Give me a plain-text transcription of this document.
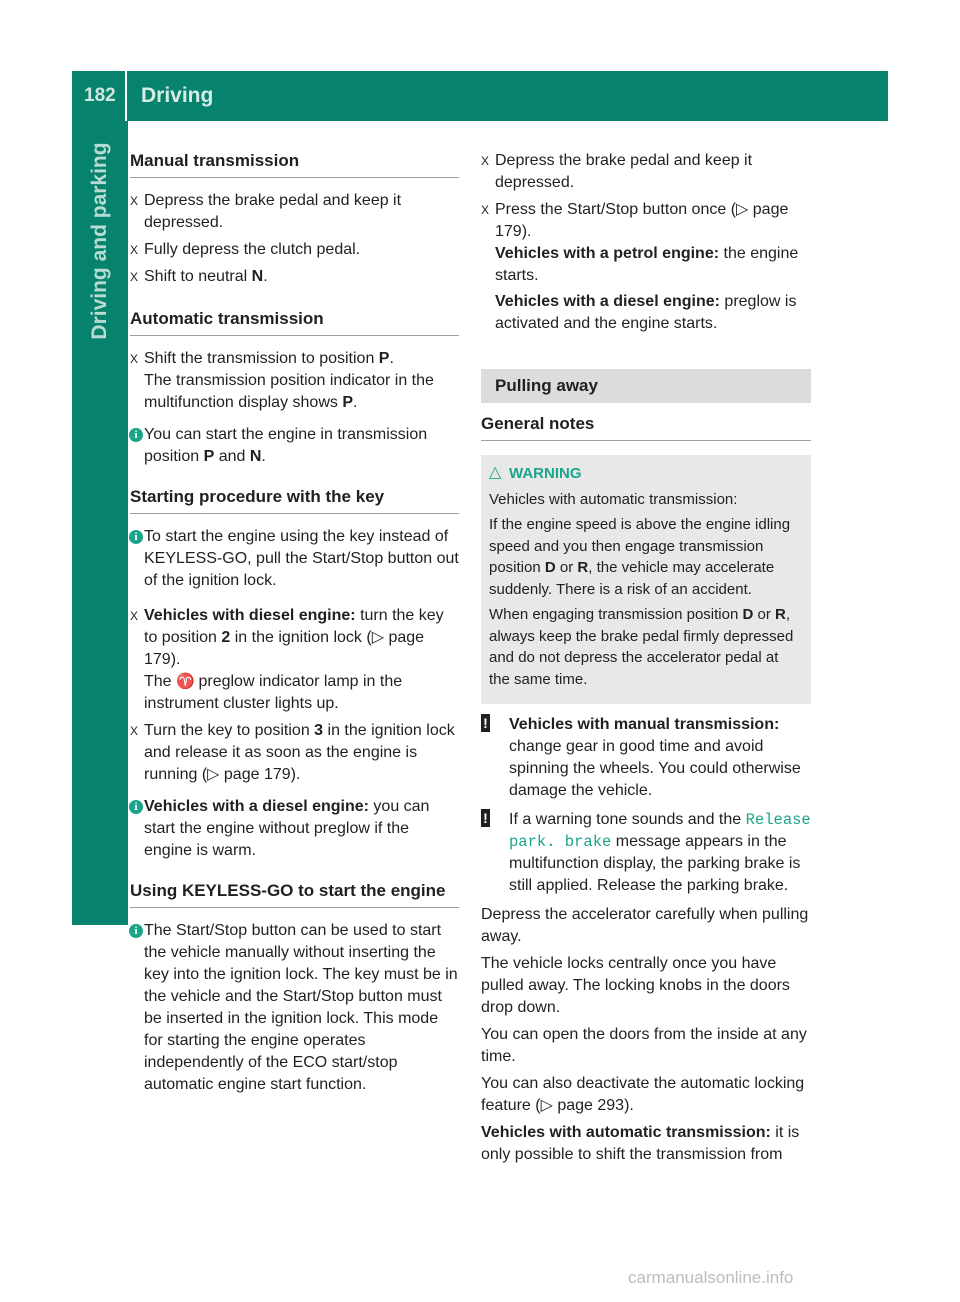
182 Driving
Driving and parking Manual transmission
X Depress the brake pedal and keep it depressed.
X Fully depress the clutch pedal.
X Shift to neutral N.
Automatic transmission
X Shift the transmission to position P.
The transmission position indicator in the multifunction display shows P.
i You can start the engine in transmission position P and N.
Starting procedure with the key
i To start the engine using the key instead of KEYLESS-GO, pull the Start/Stop button out of the ignition lock.
X Vehicles with diesel engine: turn the key to position 2 in the ignition lock (▷ page 179).
The ♈ preglow indicator lamp in the instrument cluster lights up.
X Turn the key to position 3 in the ignition lock and release it as soon as the engine is running (▷ page 179).
i Vehicles with a diesel engine: you can start the engine without preglow if the engine is warm.
Using KEYLESS-GO to start the engine
i The Start/Stop button can be used to start the vehicle manually without inserting the key into the ignition lock. The key must be in the vehicle and the Start/Stop button must be inserted in the ignition lock. This mode for starting the engine operates independently of the ECO start/stop automatic engine start function.
X Depress the brake pedal and keep it depressed.
X Press the Start/Stop button once (▷ page 179).
Vehicles with a petrol engine: the engine starts.
Vehicles with a diesel engine: preglow is activated and the engine starts.
Pulling away
General notes
△ WARNING

Vehicles with automatic transmission:

If the engine speed is above the engine idling speed and you then engage transmission position D or R, the vehicle may accelerate suddenly. There is a risk of an accident.

When engaging transmission position D or R, always keep the brake pedal firmly depressed and do not depress the accelerator pedal at the same time.

! Vehicles with manual transmission:
change gear in good time and avoid spinning the wheels. You could otherwise damage the vehicle.
! If a warning tone sounds and the Release park. brake message appears in the multifunction display, the parking brake is still applied. Release the parking brake.

Depress the accelerator carefully when pulling away.

The vehicle locks centrally once you have pulled away. The locking knobs in the doors drop down.

You can open the doors from the inside at any time.

You can also deactivate the automatic locking feature (▷ page 293).

Vehicles with automatic transmission: it is only possible to shift the transmission from

carmanualsonline.info
